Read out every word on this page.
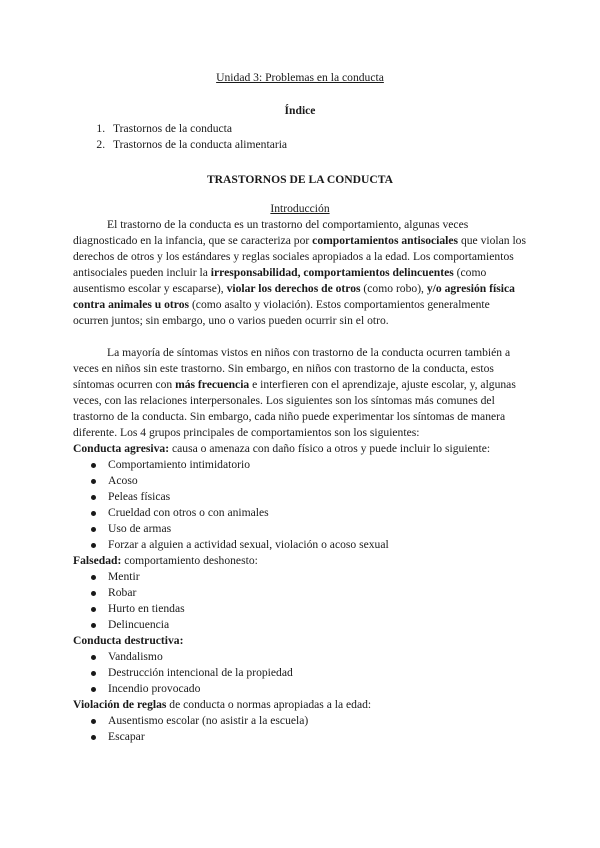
Unidad 3: Problemas en la conducta

Índice

1. Trastornos de la conducta
2. Trastornos de la conducta alimentaria

TRASTORNOS DE LA CONDUCTA

Introducción

El trastorno de la conducta es un trastorno del comportamiento, algunas veces diagnosticado en la infancia, que se caracteriza por comportamientos antisociales que violan los derechos de otros y los estándares y reglas sociales apropiados a la edad. Los comportamientos antisociales pueden incluir la irresponsabilidad, comportamientos delincuentes (como ausentismo escolar y escaparse), violar los derechos de otros (como robo), y/o agresión física contra animales u otros (como asalto y violación). Estos comportamientos generalmente ocurren juntos; sin embargo, uno o varios pueden ocurrir sin el otro.

La mayoría de síntomas vistos en niños con trastorno de la conducta ocurren también a veces en niños sin este trastorno. Sin embargo, en niños con trastorno de la conducta, estos síntomas ocurren con más frecuencia e interfieren con el aprendizaje, ajuste escolar, y, algunas veces, con las relaciones interpersonales. Los siguientes son los síntomas más comunes del trastorno de la conducta. Sin embargo, cada niño puede experimentar los síntomas de manera diferente. Los 4 grupos principales de comportamientos son los siguientes:

Conducta agresiva: causa o amenaza con daño físico a otros y puede incluir lo siguiente:

Comportamiento intimidatorio
Acoso
Peleas físicas
Crueldad con otros o con animales
Uso de armas
Forzar a alguien a actividad sexual, violación o acoso sexual

Falsedad: comportamiento deshonesto:

Mentir
Robar
Hurto en tiendas
Delincuencia

Conducta destructiva:

Vandalismo
Destrucción intencional de la propiedad
Incendio provocado

Violación de reglas de conducta o normas apropiadas a la edad:

Ausentismo escolar (no asistir a la escuela)
Escapar
